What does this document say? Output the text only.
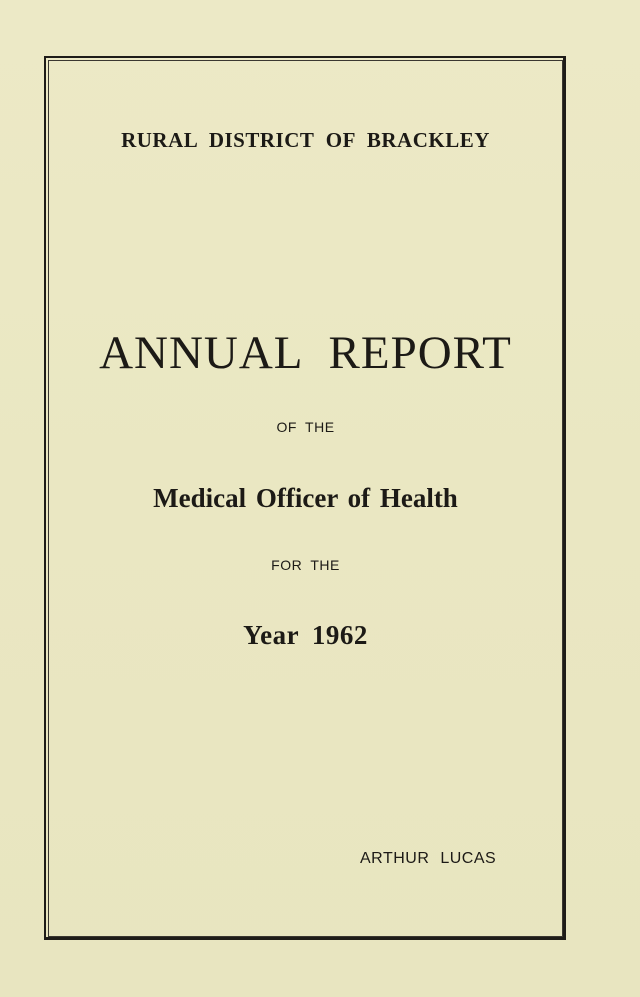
RURAL DISTRICT OF BRACKLEY
ANNUAL REPORT
OF THE
Medical Officer of Health
FOR THE
Year 1962
ARTHUR LUCAS
